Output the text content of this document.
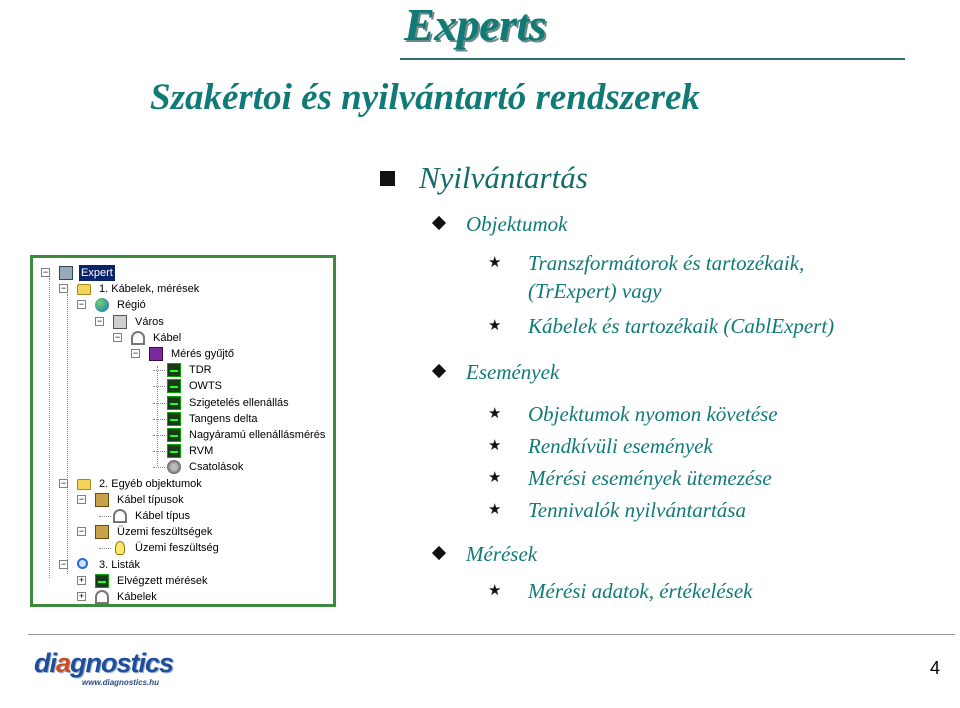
Experts
Szakértoi és nyilvántartó rendszerek
Nyilvántartás
Objektumok
★ Transzformátorok és tartozékaik,
(TrExpert) vagy
★ Kábelek és tartozékaik (CablExpert)
Események
★ Objektumok nyomon követése
★ Rendkívüli események
★ Mérési események ütemezése
★ Tennivalók nyilvántartása
Mérések
★ Mérési adatok, értékelések
−	Expert
−	1. Kábelek, mérések
−	Régió
−	Város
−	Kábel
−	Mérés gyűjtő
TDR
OWTS
Szigetelés ellenállás
Tangens delta
Nagyáramú ellenállásmérés
RVM
Csatolások
−	2. Egyéb objektumok
−	Kábel típusok
Kábel típus
−	Üzemi feszültségek
Üzemi feszültség
−	3. Listák
+	Elvégzett mérések
+	Kábelek
diagnostics
www.diagnostics.hu
4
